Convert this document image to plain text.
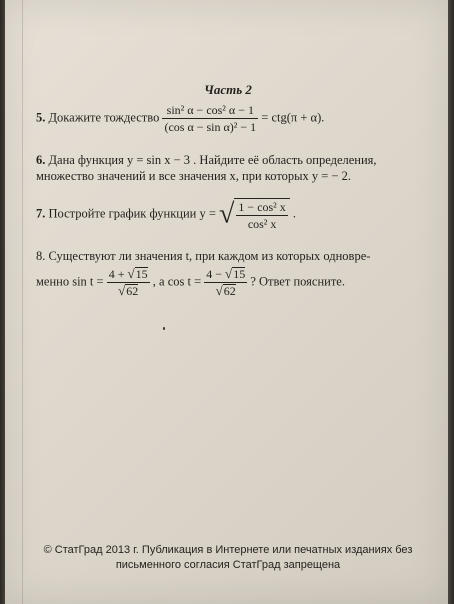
Часть 2
5. Докажите тождество $\frac{\text{sin² α − cos² α − 1}}{\text{(cos α − sin α)² − 1}} = ctg(\pi + \alpha)$.
6. Дана функция y = sin x − 3 . Найдите её область определения,
множество значений и все значения x, при которых y = − 2.
7. Постройте график функции y = √ $\frac{\text{1 − cos² x}}{\text{cos² x}}$ .
8. Существуют ли значения t, при каждом из которых одновре-
менно $\sin t = \frac{4 + √15}{√62}$ , а $\cos t = \frac{4 - √15}{√62}$ ? Ответ поясните.
© СтатГрад 2013 г. Публикация в Интернете или печатных изданиях без
письменного согласия СтатГрад запрещена
